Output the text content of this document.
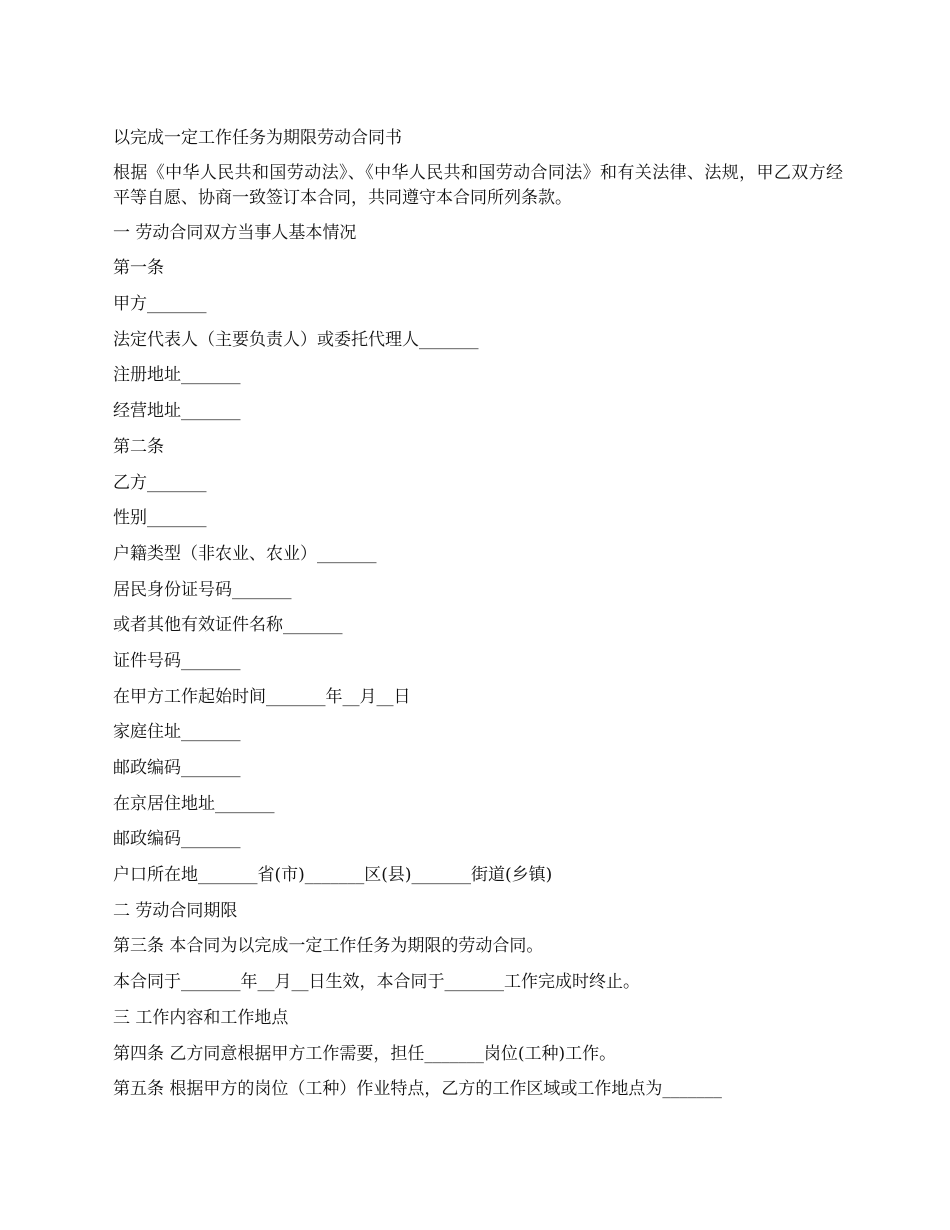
以完成一定工作任务为期限劳动合同书

根据《中华人民共和国劳动法》、《中华人民共和国劳动合同法》和有关法律、法规，甲乙双方经平等自愿、协商一致签订本合同，共同遵守本合同所列条款。

一 劳动合同双方当事人基本情况

第一条

甲方_______

法定代表人（主要负责人）或委托代理人_______

注册地址_______

经营地址_______

第二条

乙方_______

性别_______

户籍类型（非农业、农业）_______

居民身份证号码_______

或者其他有效证件名称_______

证件号码_______

在甲方工作起始时间_______年__月__日

家庭住址_______

邮政编码_______

在京居住地址_______

邮政编码_______

户口所在地_______省(市)_______区(县)_______街道(乡镇)

二 劳动合同期限

第三条 本合同为以完成一定工作任务为期限的劳动合同。

本合同于_______年__月__日生效，本合同于_______工作完成时终止。

三 工作内容和工作地点

第四条 乙方同意根据甲方工作需要，担任_______岗位(工种)工作。

第五条 根据甲方的岗位（工种）作业特点，乙方的工作区域或工作地点为_______
